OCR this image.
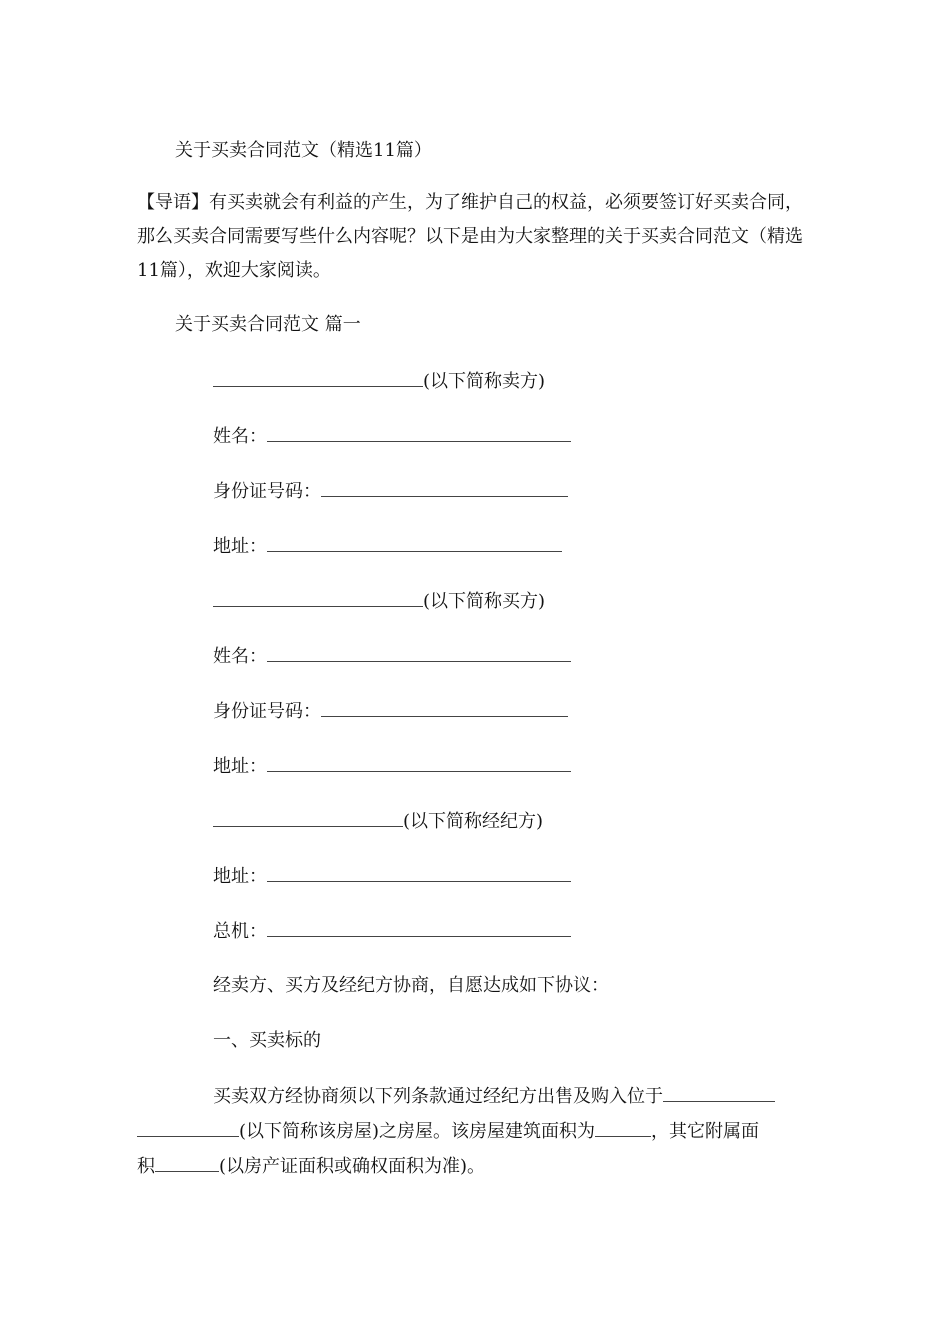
关于买卖合同范文（精选11篇）
【导语】有买卖就会有利益的产生，为了维护自己的权益，必须要签订好买卖合同，那么买卖合同需要写些什么内容呢？以下是由为大家整理的关于买卖合同范文（精选11篇），欢迎大家阅读。
关于买卖合同范文 篇一
(以下简称卖方)
姓名：
身份证号码：
地址：
(以下简称买方)
姓名：
身份证号码：
地址：
(以下简称经纪方)
地址：
总机：
经卖方、买方及经纪方协商，自愿达成如下协议：
一、买卖标的
买卖双方经协商须以下列条款通过经纪方出售及购入位于
(以下简称该房屋)之房屋。该房屋建筑面积为	，其它附属面
积	(以房产证面积或确权面积为准)。
